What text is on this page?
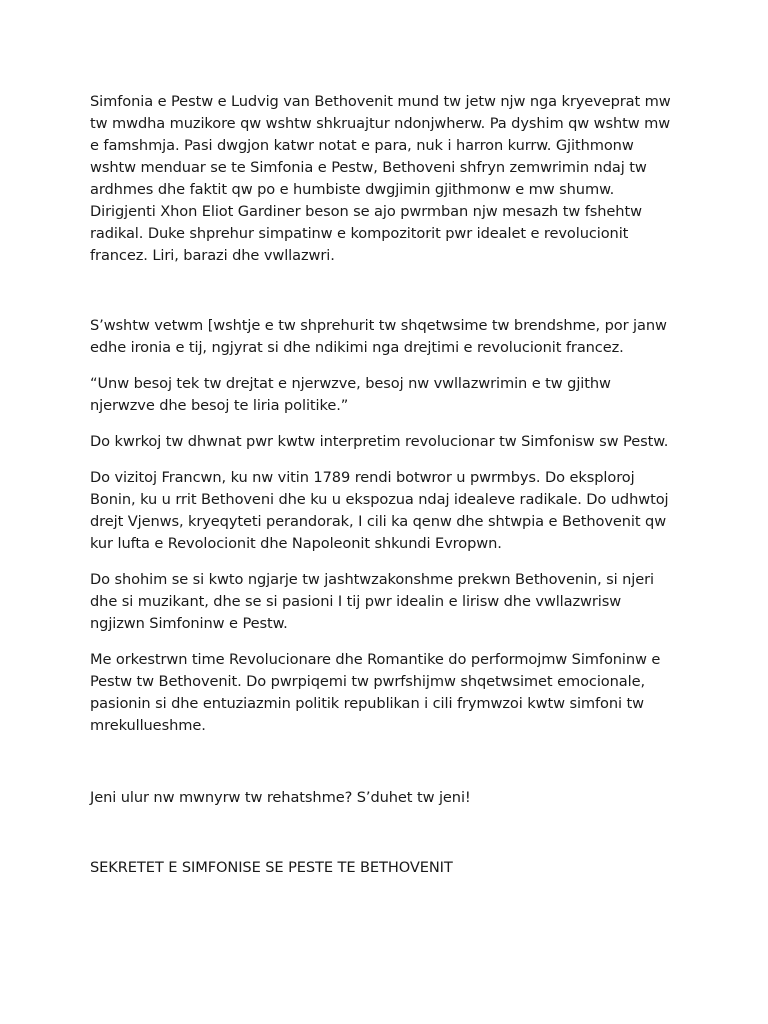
Simfonia e Pestw e Ludvig van Bethovenit mund tw jetw njw nga kryeveprat mw tw mwdha muzikore qw wshtw shkruajtur ndonjwherw. Pa dyshim qw wshtw mw e famshmja. Pasi dwgjon katwr notat e para, nuk i harron kurrw. Gjithmonw wshtw menduar se te Simfonia e Pestw, Bethoveni shfryn zemwrimin ndaj tw ardhmes dhe faktit qw po e humbiste dwgjimin gjithmonw e mw shumw. Dirigjenti Xhon Eliot Gardiner beson se ajo pwrmban njw mesazh tw fshehtw radikal. Duke shprehur simpatinw e kompozitorit pwr idealet e revolucionit francez. Liri, barazi dhe vwllazwri.

S’wshtw vetwm [wshtje e tw shprehurit tw shqetwsime tw brendshme, por janw edhe ironia e tij, ngjyrat si dhe ndikimi nga drejtimi e revolucionit francez.

“Unw besoj tek tw drejtat e njerwzve, besoj nw vwllazwrimin e tw gjithw njerwzve dhe besoj te liria politike.”

Do kwrkoj tw dhwnat pwr kwtw interpretim revolucionar tw Simfonisw sw Pestw.

Do vizitoj Francwn, ku nw vitin 1789 rendi botwror u pwrmbys. Do eksploroj Bonin, ku u rrit Bethoveni dhe ku u ekspozua ndaj idealeve radikale. Do udhwtoj drejt Vjenws, kryeqyteti perandorak, I cili ka qenw dhe shtwpia e Bethovenit qw kur lufta e Revolocionit dhe Napoleonit shkundi Evropwn.

Do shohim se si kwto ngjarje tw jashtwzakonshme prekwn Bethovenin, si njeri dhe si muzikant, dhe se si pasioni I tij pwr idealin e lirisw dhe vwllazwrisw ngjizwn Simfoninw e Pestw.

Me orkestrwn time Revolucionare dhe Romantike do performojmw Simfoninw e Pestw tw Bethovenit. Do pwrpiqemi tw pwrfshijmw shqetwsimet emocionale, pasionin si dhe entuziazmin politik republikan i cili frymwzoi kwtw simfoni tw mrekullueshme.

Jeni ulur nw mwnyrw tw rehatshme? S’duhet tw jeni!

SEKRETET E SIMFONISE SE PESTE TE BETHOVENIT
